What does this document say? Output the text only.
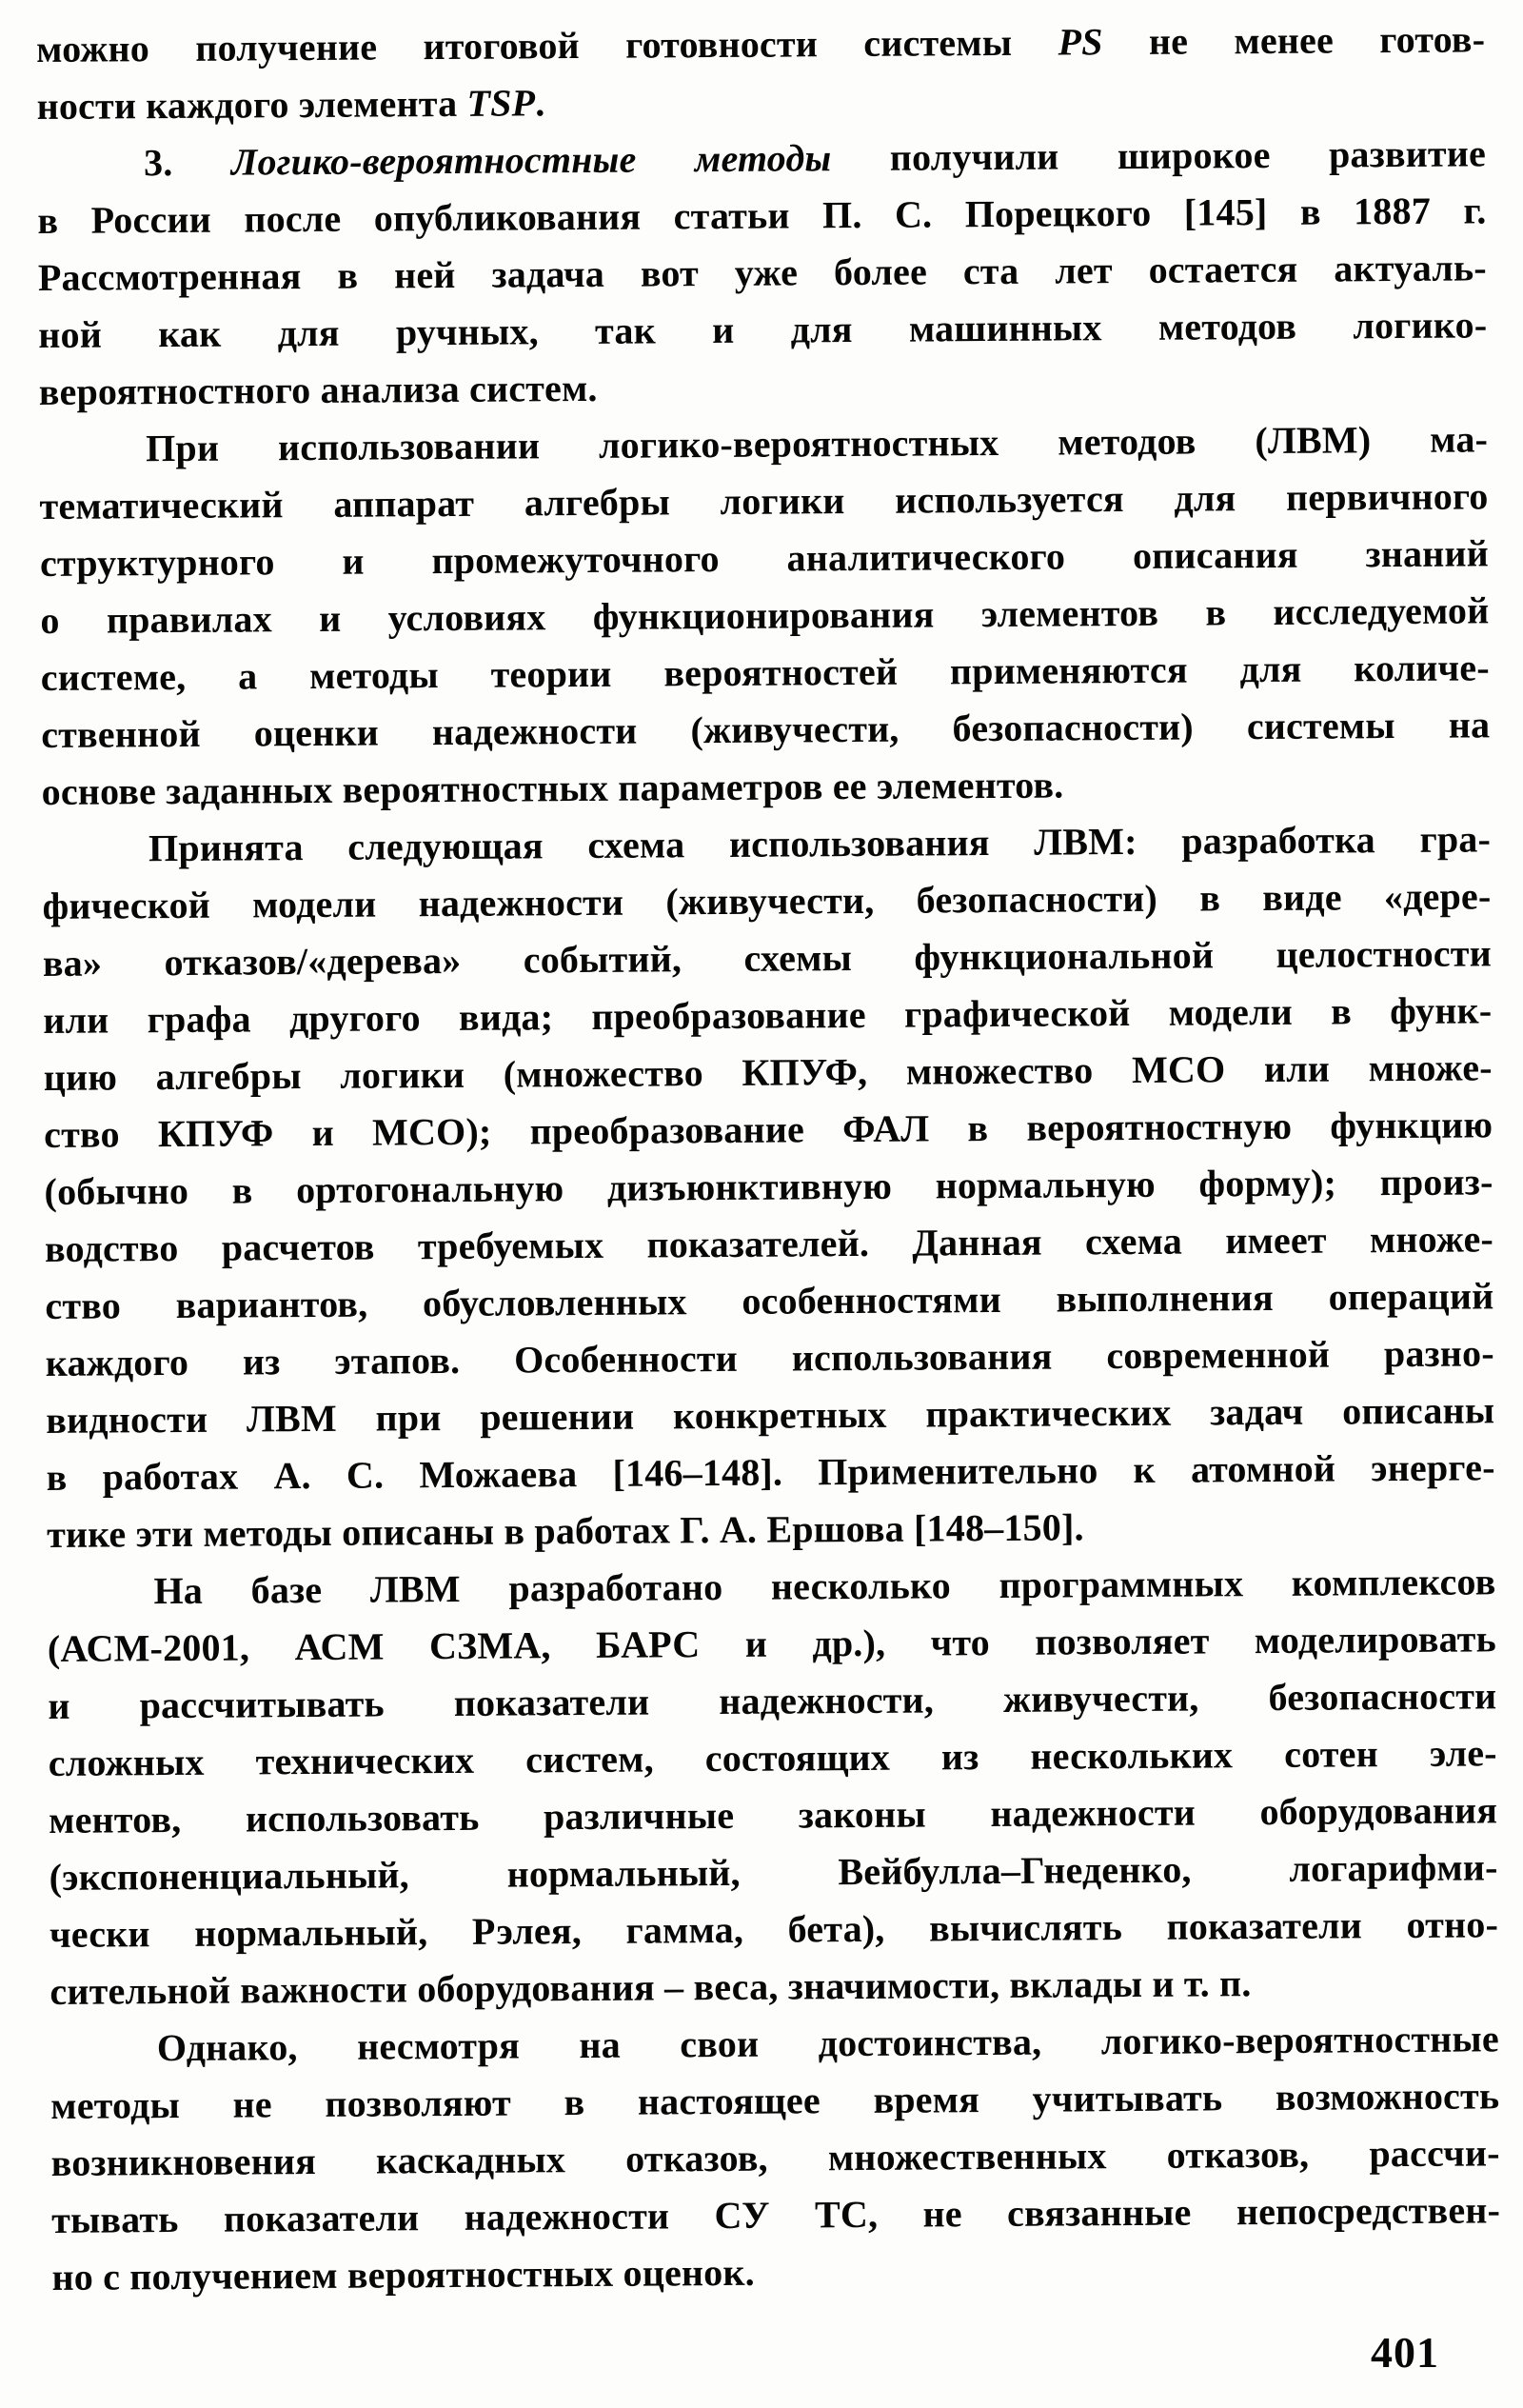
можно получение итоговой готовности системы PS не менее готов-
ности каждого элемента TSP.
3. Логико-вероятностные методы получили широкое развитие
в России после опубликования статьи П. С. Порецкого [145] в 1887 г.
Рассмотренная в ней задача вот уже более ста лет остается актуаль-
ной как для ручных, так и для машинных методов логико-
вероятностного анализа систем.
При использовании логико-вероятностных методов (ЛВМ) ма-
тематический аппарат алгебры логики используется для первичного
структурного и промежуточного аналитического описания знаний
о правилах и условиях функционирования элементов в исследуемой
системе, а методы теории вероятностей применяются для количе-
ственной оценки надежности (живучести, безопасности) системы на
основе заданных вероятностных параметров ее элементов.
Принята следующая схема использования ЛВМ: разработка гра-
фической модели надежности (живучести, безопасности) в виде «дере-
ва» отказов/«дерева» событий, схемы функциональной целостности
или графа другого вида; преобразование графической модели в функ-
цию алгебры логики (множество КПУФ, множество МСО или множе-
ство КПУФ и МСО); преобразование ФАЛ в вероятностную функцию
(обычно в ортогональную дизъюнктивную нормальную форму); произ-
водство расчетов требуемых показателей. Данная схема имеет множе-
ство вариантов, обусловленных особенностями выполнения операций
каждого из этапов. Особенности использования современной разно-
видности ЛВМ при решении конкретных практических задач описаны
в работах А. С. Можаева [146–148]. Применительно к атомной энерге-
тике эти методы описаны в работах Г. А. Ершова [148–150].
На базе ЛВМ разработано несколько программных комплексов
(АСМ-2001, АСМ СЗМА, БАРС и др.), что позволяет моделировать
и рассчитывать показатели надежности, живучести, безопасности
сложных технических систем, состоящих из нескольких сотен эле-
ментов, использовать различные законы надежности оборудования
(экспоненциальный, нормальный, Вейбулла–Гнеденко, логарифми-
чески нормальный, Рэлея, гамма, бета), вычислять показатели отно-
сительной важности оборудования – веса, значимости, вклады и т. п.
Однако, несмотря на свои достоинства, логико-вероятностные
методы не позволяют в настоящее время учитывать возможность
возникновения каскадных отказов, множественных отказов, рассчи-
тывать показатели надежности СУ ТС, не связанные непосредствен-
но с получением вероятностных оценок.
401
